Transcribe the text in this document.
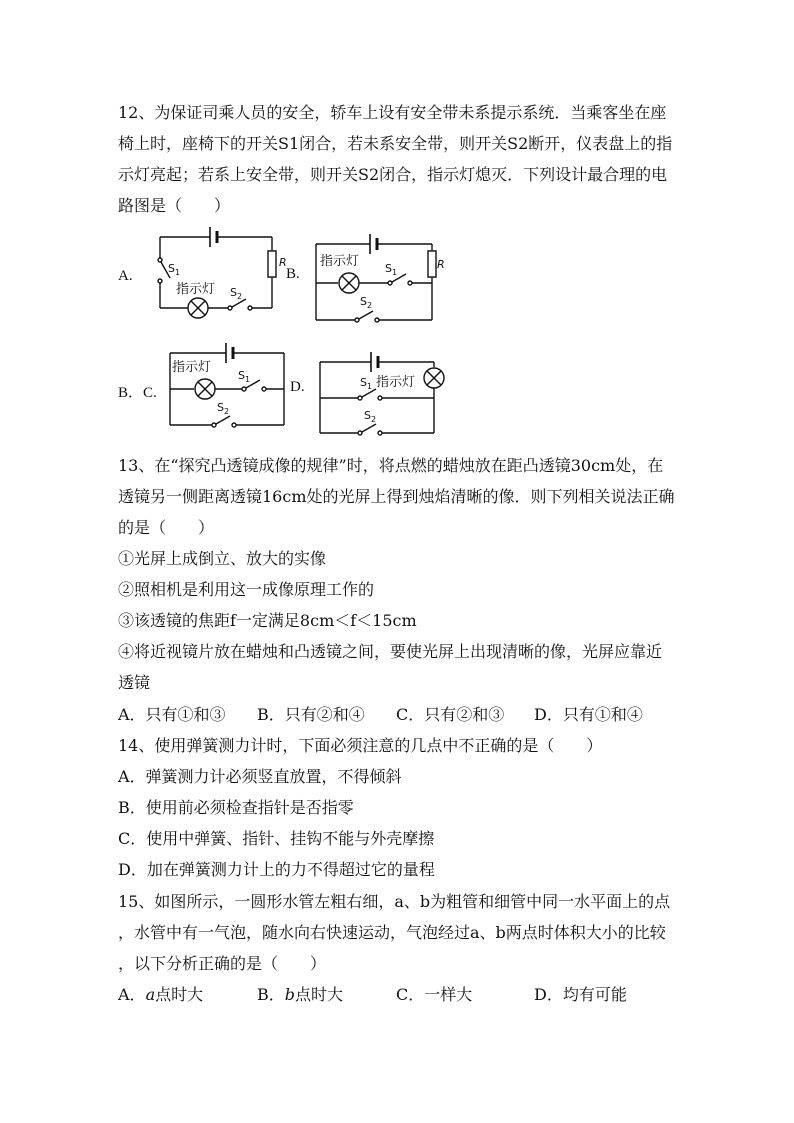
12、为保证司乘人员的安全，轿车上设有安全带未系提示系统．当乘客坐在座
椅上时，座椅下的开关S1闭合，若未系安全带，则开关S2断开，仪表盘上的指
示灯亮起；若系上安全带，则开关S2闭合，指示灯熄灭．下列设计最合理的电
路图是（　　）
指示灯
$S_1$
$S_2$
R	指示灯 $S_1$
$S_2$
R
指示灯
$S_1$
$S_2$
指示灯
$S_1$
$S_2$
A.	B.
B．C.	D.
13、在“探究凸透镜成像的规律”时，将点燃的蜡烛放在距凸透镜30cm处，在
透镜另一侧距离透镜16cm处的光屏上得到烛焰清晰的像．则下列相关说法正确
的是（　　）
①光屏上成倒立、放大的实像
②照相机是利用这一成像原理工作的
③该透镜的焦距f一定满足8cm＜f＜15cm
④将近视镜片放在蜡烛和凸透镜之间，要使光屏上出现清晰的像，光屏应靠近
透镜
A．只有①和③ B．只有②和④ C．只有②和③ D．只有①和④
14、使用弹簧测力计时，下面必须注意的几点中不正确的是（　　）
A．弹簧测力计必须竖直放置，不得倾斜
B．使用前必须检查指针是否指零
C．使用中弹簧、指针、挂钩不能与外壳摩擦
D．加在弹簧测力计上的力不得超过它的量程
15、如图所示，一圆形水管左粗右细，a、b为粗管和细管中同一水平面上的点
，水管中有一气泡，随水向右快速运动，气泡经过a、b两点时体积大小的比较
，以下分析正确的是（　　）
A．a点时大	B．b点时大	C．一样大	D．均有可能
